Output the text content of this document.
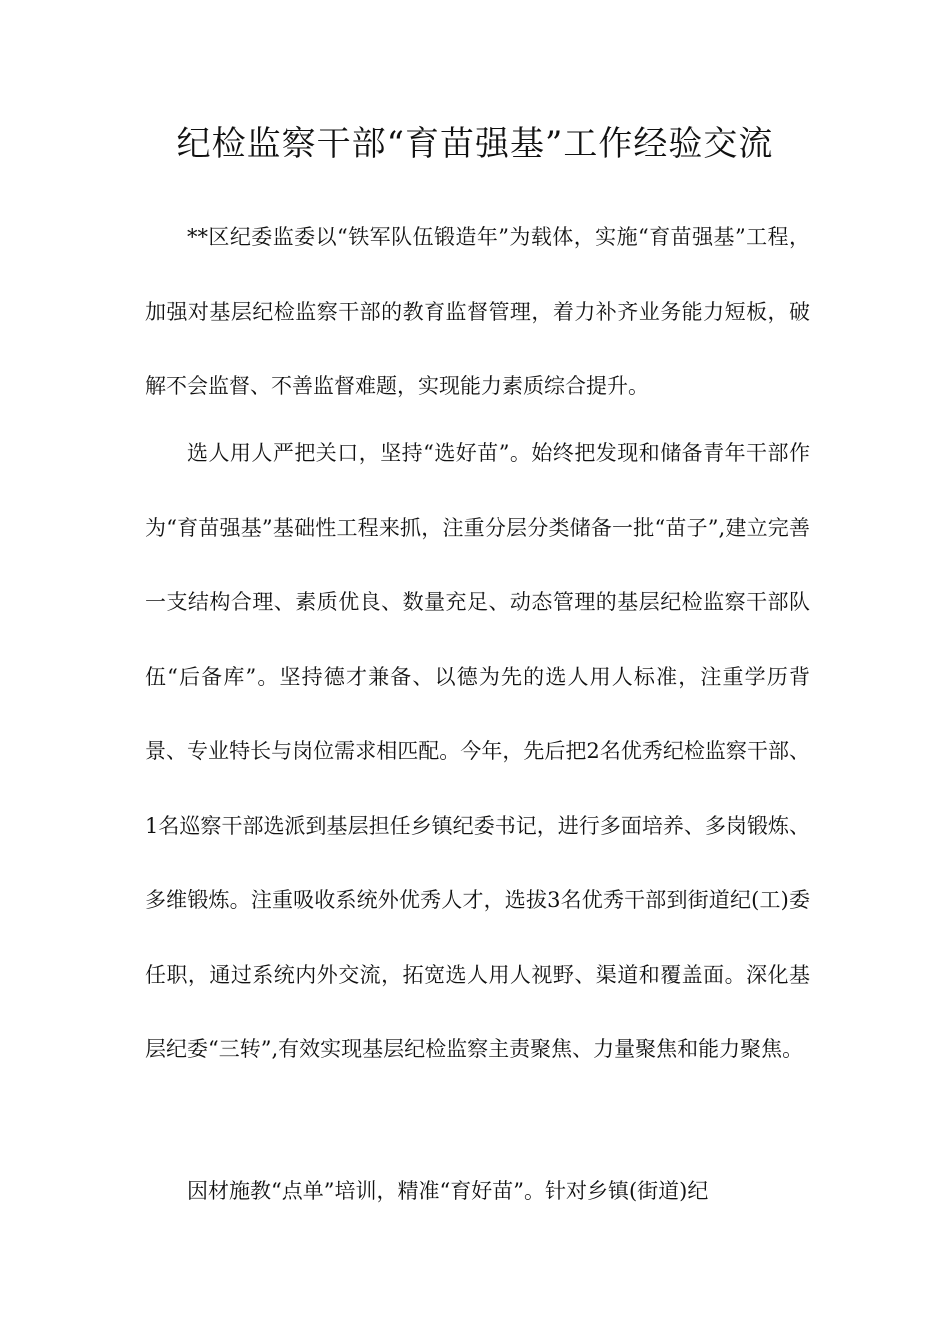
纪检监察干部“育苗强基”工作经验交流

**区纪委监委以“铁军队伍锻造年”为载体，实施“育苗强基”工程，加强对基层纪检监察干部的教育监督管理，着力补齐业务能力短板，破解不会监督、不善监督难题，实现能力素质综合提升。

选人用人严把关口，坚持“选好苗”。始终把发现和储备青年干部作为“育苗强基”基础性工程来抓，注重分层分类储备一批“苗子”,建立完善一支结构合理、素质优良、数量充足、动态管理的基层纪检监察干部队伍“后备库”。坚持德才兼备、以德为先的选人用人标准，注重学历背景、专业特长与岗位需求相匹配。今年，先后把2名优秀纪检监察干部、1名巡察干部选派到基层担任乡镇纪委书记，进行多面培养、多岗锻炼、多维锻炼。注重吸收系统外优秀人才，选拔3名优秀干部到街道纪(工)委任职，通过系统内外交流，拓宽选人用人视野、渠道和覆盖面。深化基层纪委“三转”,有效实现基层纪检监察主责聚焦、力量聚焦和能力聚焦。

因材施教“点单”培训，精准“育好苗”。针对乡镇(街道)纪
